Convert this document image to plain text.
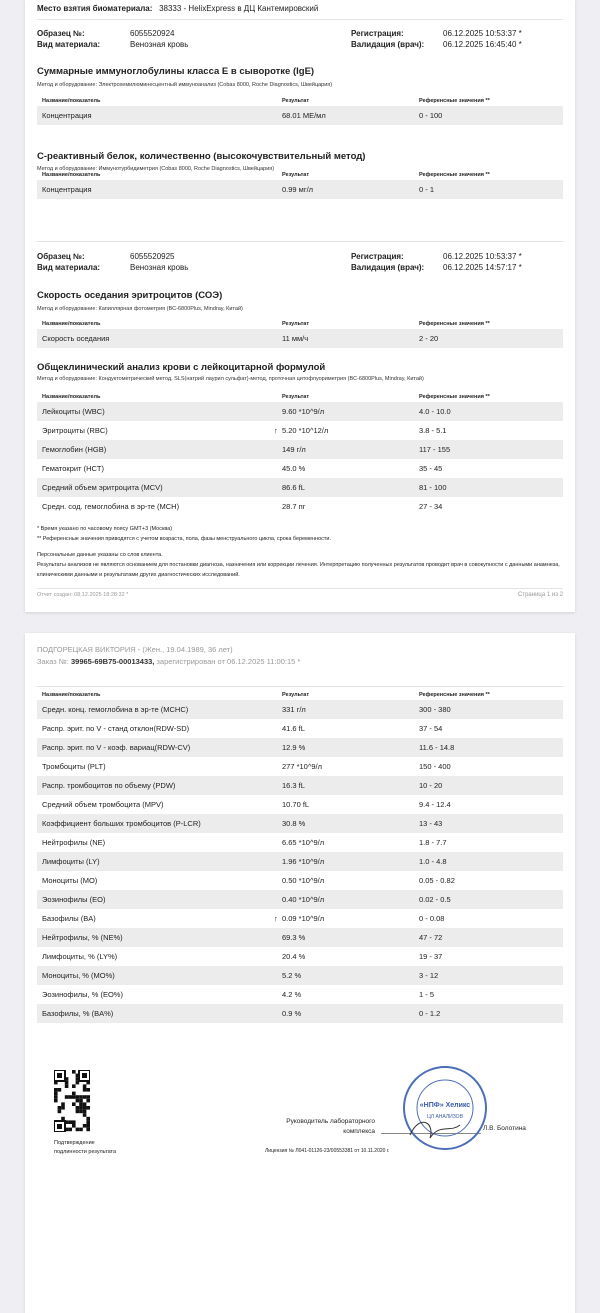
Место взятия биоматериала: 38333 - HelixExpress в ДЦ Кантемировский
Образец №:	6055520924
Вид материала:	Венозная кровь
Регистрация:	06.12.2025 10:53:37 *
Валидация (врач): 06.12.2025 16:45:40 *
Суммарные иммуноглобулины класса Е в сыворотке (IgE)
Метод и оборудование: Электрохемилюминесцентный иммуноанализ (Cobas 8000, Roche Diagnostics, Швейцария)
Название/показатель	Результат	Референсные значения **
Концентрация	68.01 МЕ/мл	0 - 100
С-реактивный белок, количественно (высокочувствительный метод)
Метод и оборудование: Иммунотурбидиметрия (Cobas 8000, Roche Diagnostics, Швейцария)
Название/показатель	Результат	Референсные значения **
Концентрация	0.99 мг/л	0 - 1
Образец №:	6055520925
Вид материала:	Венозная кровь
Регистрация:	06.12.2025 10:53:37 *
Валидация (врач): 06.12.2025 14:57:17 *
Скорость оседания эритроцитов (СОЭ)
Метод и оборудование: Капиллярная фотометрия (BC-6800Plus, Mindray, Китай)
Название/показатель	Результат	Референсные значения **
Скорость оседания	11 мм/ч	2 - 20
Общеклинический анализ крови с лейкоцитарной формулой
Метод и оборудование: Кондуктометрический метод, SLS(натрий лаурил сульфат)-метод, проточная цитофлуориметрия (BC-6800Plus, Mindray, Китай)
Название/показатель	Результат	Референсные значения **
Лейкоциты (WBC)	9.60 *10^9/л	4.0 - 10.0
Эритроциты (RBC)	↑ 5.20 *10^12/л	3.8 - 5.1
Гемоглобин (HGB)	149 г/л	117 - 155
Гематокрит (HCT)	45.0 %	35 - 45
Средний объем эритроцита (MCV)	86.6 fL	81 - 100
Средн. сод. гемоглобина в эр-те (MCH)	28.7 пг	27 - 34
* Время указано по часовому поясу GMT+3 (Москва)
** Референсные значения приводятся с учетом возраста, пола, фазы менструального цикла, срока беременности.
Персональные данные указаны со слов клиента.
Результаты анализов не являются основанием для постановки диагноза, назначения или коррекции лечения. Интерпретацию полученных результатов проводит врач в совокупности с данными анамнеза, клиническими данными и результатами других диагностических исследований.
Отчет создан: 08.12.2025 18:28:32 *	Страница 1 из 2
ПОДГОРЕЦКАЯ ВИКТОРИЯ - (Жен., 19.04.1989, 36 лет)
Заказ №: 39965-69B75-00013433, зарегистрирован от 06.12.2025 11:00:15 *
Название/показатель	Результат	Референсные значения **
Средн. конц. гемоглобина в эр-те (MCHC)	331 г/л	300 - 380
Распр. эрит. по V - станд отклон(RDW-SD)	41.6 fL	37 - 54
Распр. эрит. по V - коэф. вариац(RDW-CV)	12.9 %	11.6 - 14.8
Тромбоциты (PLT)	277 *10^9/л	150 - 400
Распр. тромбоцитов по объему (PDW)	16.3 fL	10 - 20
Средний объем тромбоцита (MPV)	10.70 fL	9.4 - 12.4
Коэффициент больших тромбоцитов (P-LCR)	30.8 %	13 - 43
Нейтрофилы (NE)	6.65 *10^9/л	1.8 - 7.7
Лимфоциты (LY)	1.96 *10^9/л	1.0 - 4.8
Моноциты (MO)	0.50 *10^9/л	0.05 - 0.82
Эозинофилы (EO)	0.40 *10^9/л	0.02 - 0.5
Базофилы (BA)	↑ 0.09 *10^9/л	0 - 0.08
Нейтрофилы, % (NE%)	69.3 %	47 - 72
Лимфоциты, % (LY%)	20.4 %	19 - 37
Моноциты, % (MO%)	5.2 %	3 - 12
Эозинофилы, % (EO%)	4.2 %	1 - 5
Базофилы, % (BA%)	0.9 %	0 - 1.2
Подтверждение
подлинности результата
Руководитель лабораторного
комплекса
«НПФ» Хеликс
ЦЛ АНАЛИЗОВ
Л.В. Болотина
Лицензия № Л041-01126-23/00553381 от 10.11.2020 г.
